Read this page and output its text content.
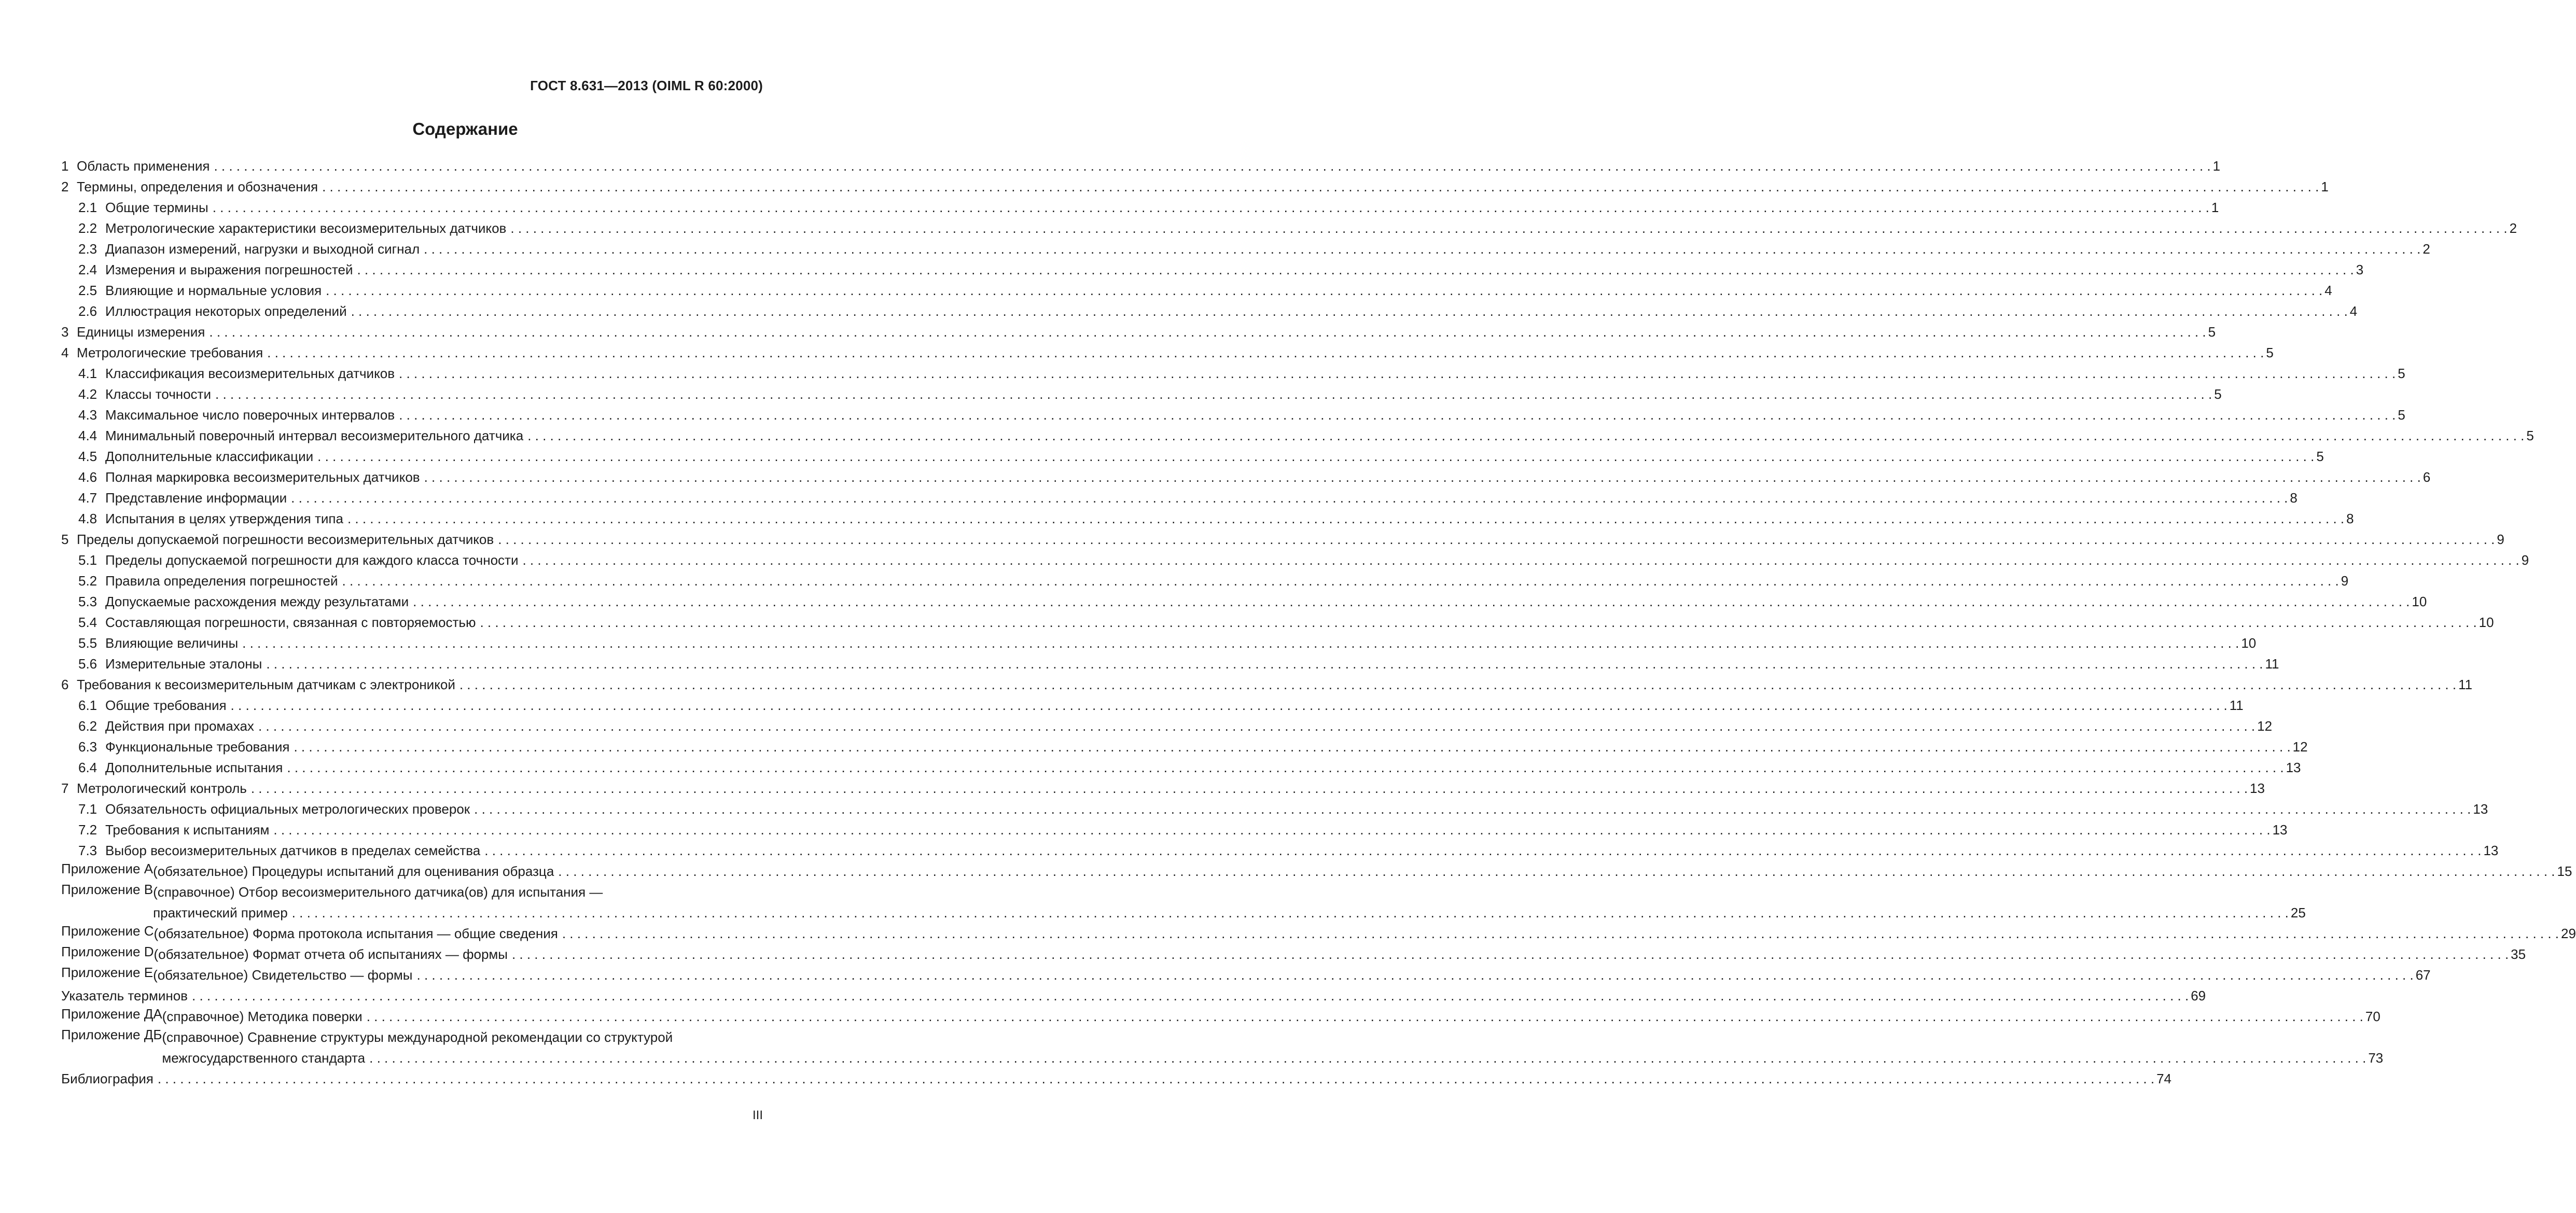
ГОСТ 8.631—2013 (OIML R 60:2000)
Содержание
1 Область применения . . .	1
2 Термины, определения и обозначения . . .	1
2.1 Общие термины . . .	1
2.2 Метрологические характеристики весоизмерительных датчиков . . .	2
2.3 Диапазон измерений, нагрузки и выходной сигнал . . .	2
2.4 Измерения и выражения погрешностей . . .	3
2.5 Влияющие и нормальные условия . . .	4
2.6 Иллюстрация некоторых определений . . .	4
3 Единицы измерения . . .	5
4 Метрологические требования . . .	5
4.1 Классификация весоизмерительных датчиков . . .	5
4.2 Классы точности . . .	5
4.3 Максимальное число поверочных интервалов . . .	5
4.4 Минимальный поверочный интервал весоизмерительного датчика . . .	5
4.5 Дополнительные классификации . . .	5
4.6 Полная маркировка весоизмерительных датчиков . . .	6
4.7 Представление информации . . .	8
4.8 Испытания в целях утверждения типа . . .	8
5 Пределы допускаемой погрешности весоизмерительных датчиков . . .	9
5.1 Пределы допускаемой погрешности для каждого класса точности . . .	9
5.2 Правила определения погрешностей . . .	9
5.3 Допускаемые расхождения между результатами . . .	10
5.4 Составляющая погрешности, связанная с повторяемостью . . .	10
5.5 Влияющие величины . . .	10
5.6 Измерительные эталоны . . .	11
6 Требования к весоизмерительным датчикам с электроникой . . .	11
6.1 Общие требования . . .	11
6.2 Действия при промахах . . .	12
6.3 Функциональные требования . . .	12
6.4 Дополнительные испытания . . .	13
7 Метрологический контроль . . .	13
7.1 Обязательность официальных метрологических проверок . . .	13
7.2 Требования к испытаниям . . .	13
7.3 Выбор весоизмерительных датчиков в пределах семейства . . .	13
Приложение А (обязательное) Процедуры испытаний для оценивания образца . . .	15
Приложение В (справочное) Отбор весоизмерительного датчика(ов) для испытания —
практический пример . . .	25
Приложение С (обязательное) Форма протокола испытания — общие сведения . . .	29
Приложение D (обязательное) Формат отчета об испытаниях — формы . . .	35
Приложение Е (обязательное) Свидетельство — формы . . .	67
Указатель терминов . . .	69
Приложение ДА (справочное) Методика поверки . . .	70
Приложение ДБ (справочное) Сравнение структуры международной рекомендации со структурой
межгосударственного стандарта . . .	73
Библиография . . .	74
III
